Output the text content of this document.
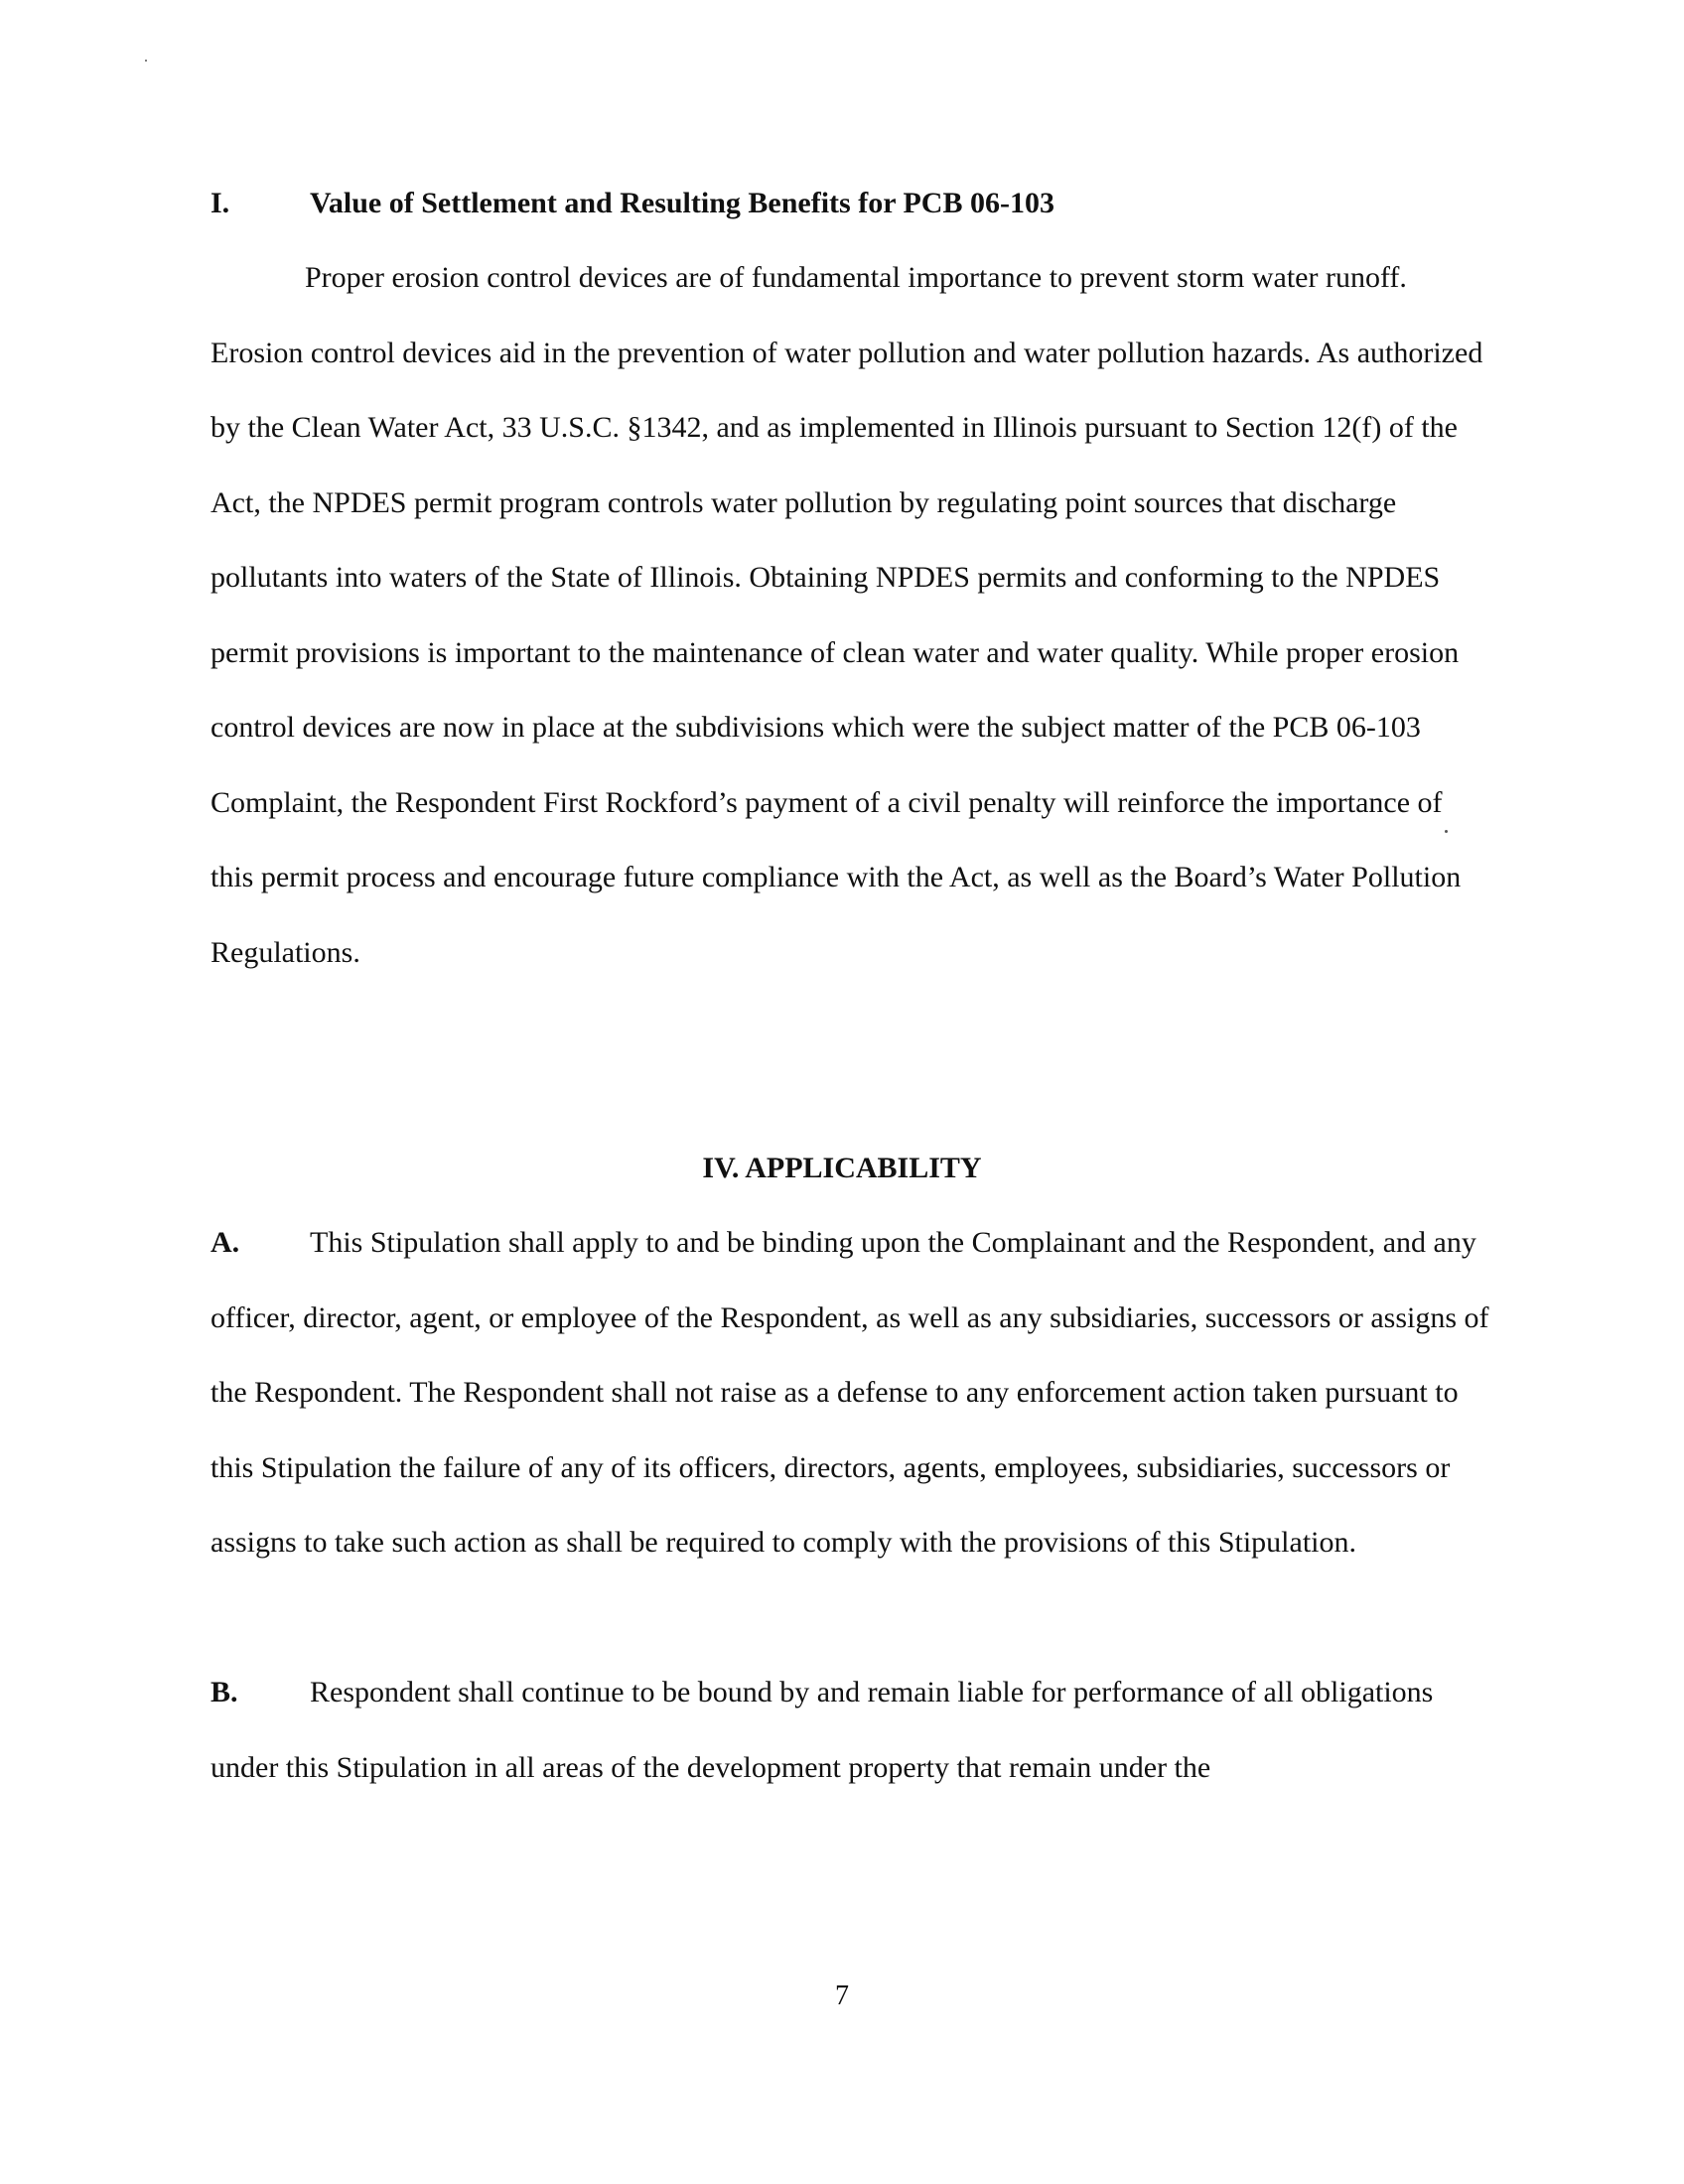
I.	Value of Settlement and Resulting Benefits for PCB 06-103
Proper erosion control devices are of fundamental importance to prevent storm water runoff. Erosion control devices aid in the prevention of water pollution and water pollution hazards. As authorized by the Clean Water Act, 33 U.S.C. §1342, and as implemented in Illinois pursuant to Section 12(f) of the Act, the NPDES permit program controls water pollution by regulating point sources that discharge pollutants into waters of the State of Illinois. Obtaining NPDES permits and conforming to the NPDES permit provisions is important to the maintenance of clean water and water quality. While proper erosion control devices are now in place at the subdivisions which were the subject matter of the PCB 06-103 Complaint, the Respondent First Rockford’s payment of a civil penalty will reinforce the importance of this permit process and encourage future compliance with the Act, as well as the Board’s Water Pollution Regulations.
IV. APPLICABILITY
A. This Stipulation shall apply to and be binding upon the Complainant and the Respondent, and any officer, director, agent, or employee of the Respondent, as well as any subsidiaries, successors or assigns of the Respondent. The Respondent shall not raise as a defense to any enforcement action taken pursuant to this Stipulation the failure of any of its officers, directors, agents, employees, subsidiaries, successors or assigns to take such action as shall be required to comply with the provisions of this Stipulation.
B. Respondent shall continue to be bound by and remain liable for performance of all obligations under this Stipulation in all areas of the development property that remain under the
7
